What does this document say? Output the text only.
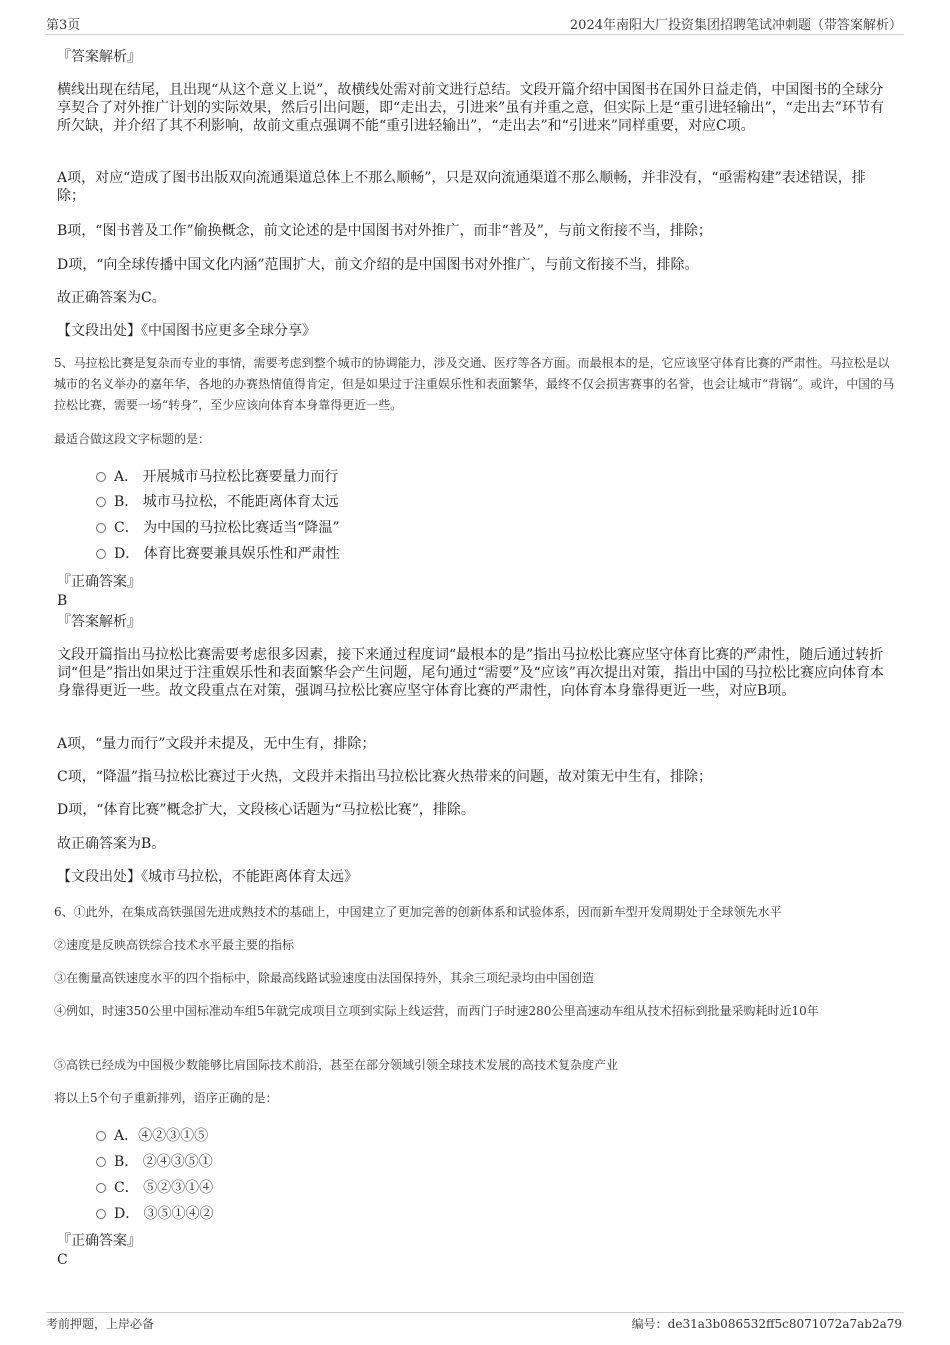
第3页	2024年南阳大厂投资集团招聘笔试冲刺题（带答案解析）
『答案解析』
横线出现在结尾，且出现“从这个意义上说”，故横线处需对前文进行总结。文段开篇介绍中国图书在国外日益走俏，中国图书的全球分享契合了对外推广计划的实际效果，然后引出问题，即“走出去，引进来”虽有并重之意，但实际上是“重引进轻输出”，“走出去”环节有所欠缺，并介绍了其不利影响，故前文重点强调不能“重引进轻输出”，“走出去”和“引进来”同样重要，对应C项。
A项，对应“造成了图书出版双向流通渠道总体上不那么顺畅”，只是双向流通渠道不那么顺畅，并非没有，“亟需构建”表述错误，排除；
B项，“图书普及工作”偷换概念，前文论述的是中国图书对外推广，而非“普及”，与前文衔接不当，排除；
D项，“向全球传播中国文化内涵”范围扩大，前文介绍的是中国图书对外推广，与前文衔接不当，排除。
故正确答案为C。
【文段出处】《中国图书应更多全球分享》
5、马拉松比赛是复杂而专业的事情，需要考虑到整个城市的协调能力，涉及交通、医疗等各方面。而最根本的是，它应该坚守体育比赛的严肃性。马拉松是以城市的名义举办的嘉年华，各地的办赛热情值得肯定，但是如果过于注重娱乐性和表面繁华，最终不仅会损害赛事的名誉，也会让城市“背锅”。或许，中国的马拉松比赛，需要一场“转身”，至少应该向体育本身靠得更近一些。
最适合做这段文字标题的是：
A． 开展城市马拉松比赛要量力而行
B． 城市马拉松，不能距离体育太远
C． 为中国的马拉松比赛适当“降温”
D． 体育比赛要兼具娱乐性和严肃性
『正确答案』
B
『答案解析』
文段开篇指出马拉松比赛需要考虑很多因素，接下来通过程度词“最根本的是”指出马拉松比赛应坚守体育比赛的严肃性，随后通过转折词“但是”指出如果过于注重娱乐性和表面繁华会产生问题，尾句通过“需要”及“应该”再次提出对策，指出中国的马拉松比赛应向体育本身靠得更近一些。故文段重点在对策，强调马拉松比赛应坚守体育比赛的严肃性，向体育本身靠得更近一些，对应B项。
A项，“量力而行”文段并未提及，无中生有，排除；
C项，“降温”指马拉松比赛过于火热，文段并未指出马拉松比赛火热带来的问题，故对策无中生有，排除；
D项，“体育比赛”概念扩大，文段核心话题为“马拉松比赛”，排除。
故正确答案为B。
【文段出处】《城市马拉松，不能距离体育太远》
6、①此外，在集成高铁强国先进成熟技术的基础上，中国建立了更加完善的创新体系和试验体系，因而新车型开发周期处于全球领先水平
②速度是反映高铁综合技术水平最主要的指标
③在衡量高铁速度水平的四个指标中，除最高线路试验速度由法国保持外，其余三项纪录均由中国创造
④例如，时速350公里中国标准动车组5年就完成项目立项到实际上线运营，而西门子时速280公里高速动车组从技术招标到批量采购耗时近10年
⑤高铁已经成为中国极少数能够比肩国际技术前沿，甚至在部分领域引领全球技术发展的高技术复杂度产业
将以上5个句子重新排列，语序正确的是：
A．④②③①⑤
B． ②④③⑤①
C． ⑤②③①④
D． ③⑤①④②
『正确答案』
C
考前押题，上岸必备	编号：de31a3b086532ff5c8071072a7ab2a79
